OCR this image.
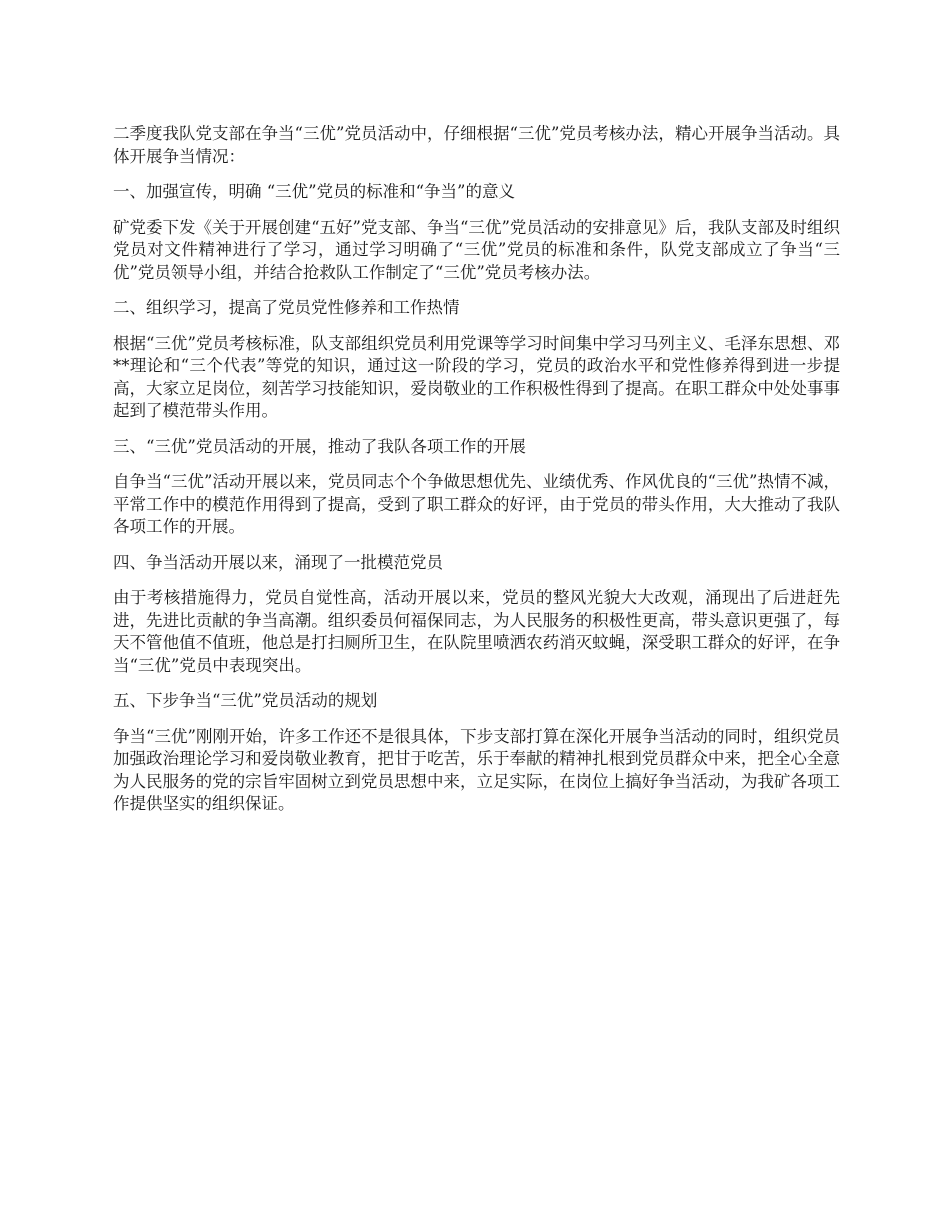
二季度我队党支部在争当“三优”党员活动中，仔细根据“三优”党员考核办法，精心开展争当活动。具体开展争当情况：

一、加强宣传，明确 “三优”党员的标准和“争当”的意义

矿党委下发《关于开展创建“五好”党支部、争当“三优”党员活动的安排意见》后，我队支部及时组织党员对文件精神进行了学习，通过学习明确了“三优”党员的标准和条件，队党支部成立了争当“三优”党员领导小组，并结合抢救队工作制定了“三优”党员考核办法。

二、组织学习，提高了党员党性修养和工作热情

根据“三优”党员考核标准，队支部组织党员利用党课等学习时间集中学习马列主义、毛泽东思想、邓**理论和“三个代表”等党的知识，通过这一阶段的学习，党员的政治水平和党性修养得到进一步提高，大家立足岗位，刻苦学习技能知识，爱岗敬业的工作积极性得到了提高。在职工群众中处处事事起到了模范带头作用。

三、“三优”党员活动的开展，推动了我队各项工作的开展

自争当“三优”活动开展以来，党员同志个个争做思想优先、业绩优秀、作风优良的“三优”热情不减，平常工作中的模范作用得到了提高，受到了职工群众的好评，由于党员的带头作用，大大推动了我队各项工作的开展。

四、争当活动开展以来，涌现了一批模范党员

由于考核措施得力，党员自觉性高，活动开展以来，党员的整风光貌大大改观，涌现出了后进赶先进，先进比贡献的争当高潮。组织委员何福保同志，为人民服务的积极性更高，带头意识更强了，每天不管他值不值班，他总是打扫厕所卫生，在队院里喷洒农药消灭蚊蝇，深受职工群众的好评，在争当“三优”党员中表现突出。

五、下步争当“三优”党员活动的规划

争当“三优”刚刚开始，许多工作还不是很具体，下步支部打算在深化开展争当活动的同时，组织党员加强政治理论学习和爱岗敬业教育，把甘于吃苦，乐于奉献的精神扎根到党员群众中来，把全心全意为人民服务的党的宗旨牢固树立到党员思想中来，立足实际，在岗位上搞好争当活动，为我矿各项工作提供坚实的组织保证。
